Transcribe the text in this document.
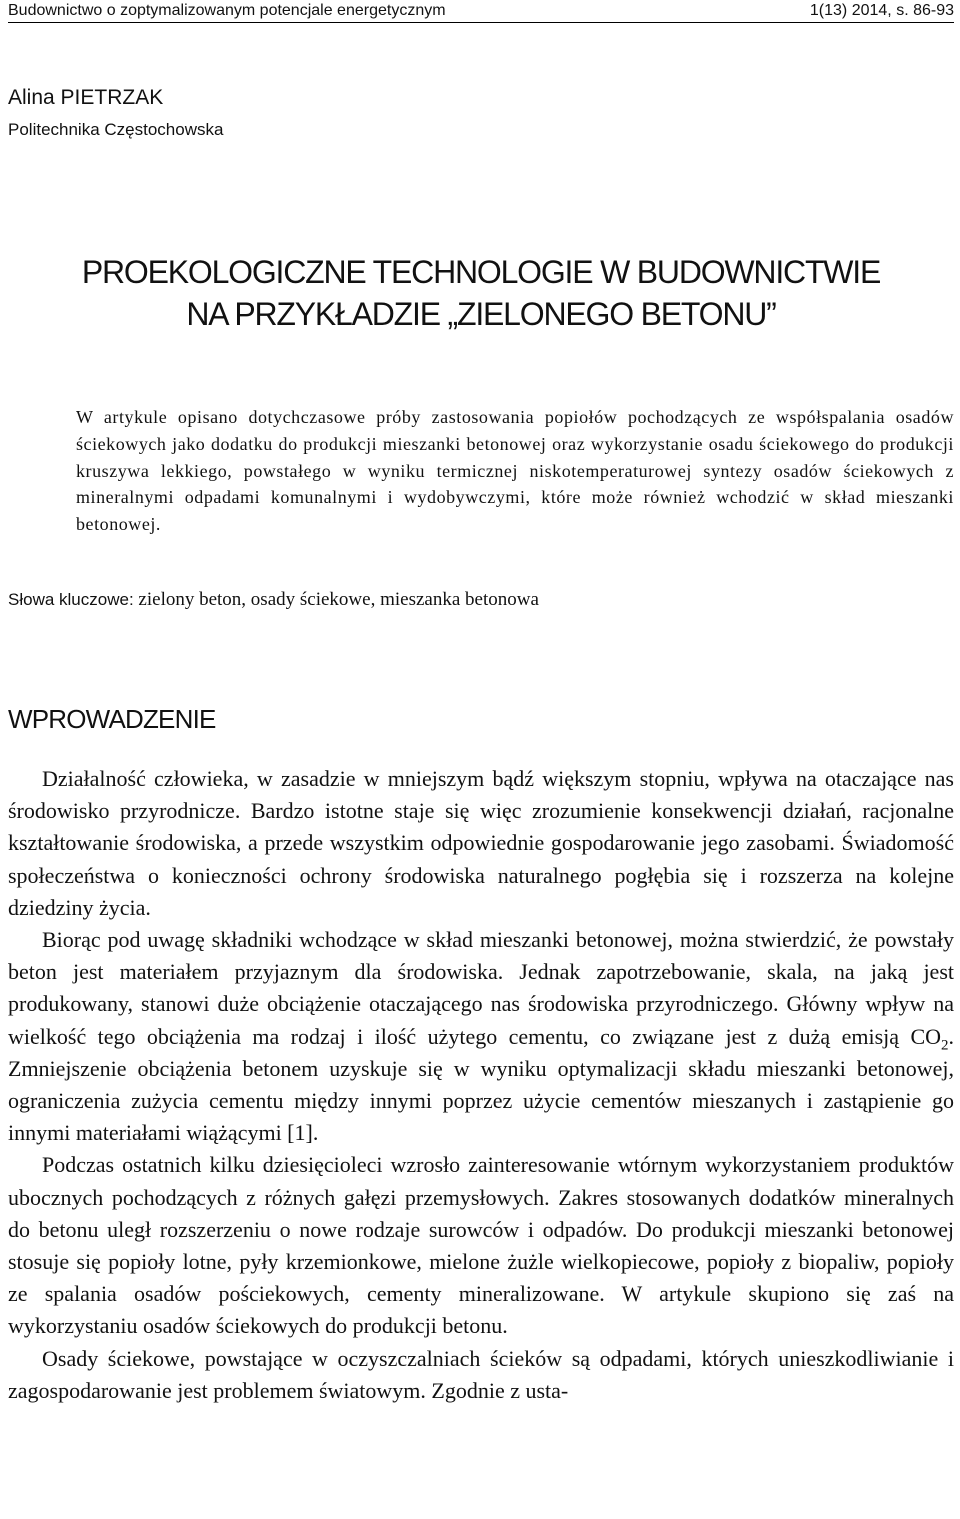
Budownictwo o zoptymalizowanym potencjale energetycznym	1(13) 2014, s. 86-93
Alina PIETRZAK
Politechnika Częstochowska
PROEKOLOGICZNE TECHNOLOGIE W BUDOWNICTWIE
NA PRZYKŁADZIE „ZIELONEGO BETONU”

W artykule opisano dotychczasowe próby zastosowania popiołów pochodzących ze współspalania osadów ściekowych jako dodatku do produkcji mieszanki betonowej oraz wykorzystanie osadu ściekowego do produkcji kruszywa lekkiego, powstałego w wyniku termicznej niskotemperaturowej syntezy osadów ściekowych z mineralnymi odpadami komunalnymi i wydobywczymi, które może również wchodzić w skład mieszanki betonowej.

Słowa kluczowe: zielony beton, osady ściekowe, mieszanka betonowa
WPROWADZENIE

Działalność człowieka, w zasadzie w mniejszym bądź większym stopniu, wpływa na otaczające nas środowisko przyrodnicze. Bardzo istotne staje się więc zrozumienie konsekwencji działań, racjonalne kształtowanie środowiska, a przede wszystkim odpowiednie gospodarowanie jego zasobami. Świadomość społeczeństwa o konieczności ochrony środowiska naturalnego pogłębia się i rozszerza na kolejne dziedziny życia.

Biorąc pod uwagę składniki wchodzące w skład mieszanki betonowej, można stwierdzić, że powstały beton jest materiałem przyjaznym dla środowiska. Jednak zapotrzebowanie, skala, na jaką jest produkowany, stanowi duże obciążenie otaczającego nas środowiska przyrodniczego. Główny wpływ na wielkość tego obciążenia ma rodzaj i ilość użytego cementu, co związane jest z dużą emisją $CO_2$. Zmniejszenie obciążenia betonem uzyskuje się w wyniku optymalizacji składu mieszanki betonowej, ograniczenia zużycia cementu między innymi poprzez użycie cementów mieszanych i zastąpienie go innymi materiałami wiążącymi [1].

Podczas ostatnich kilku dziesięcioleci wzrosło zainteresowanie wtórnym wykorzystaniem produktów ubocznych pochodzących z różnych gałęzi przemysłowych. Zakres stosowanych dodatków mineralnych do betonu uległ rozszerzeniu o nowe rodzaje surowców i odpadów. Do produkcji mieszanki betonowej stosuje się popioły lotne, pyły krzemionkowe, mielone żużle wielkopiecowe, popioły z biopaliw, popioły ze spalania osadów pościekowych, cementy mineralizowane. W artykule skupiono się zaś na wykorzystaniu osadów ściekowych do produkcji betonu.

Osady ściekowe, powstające w oczyszczalniach ścieków są odpadami, których unieszkodliwianie i zagospodarowanie jest problemem światowym. Zgodnie z usta-
